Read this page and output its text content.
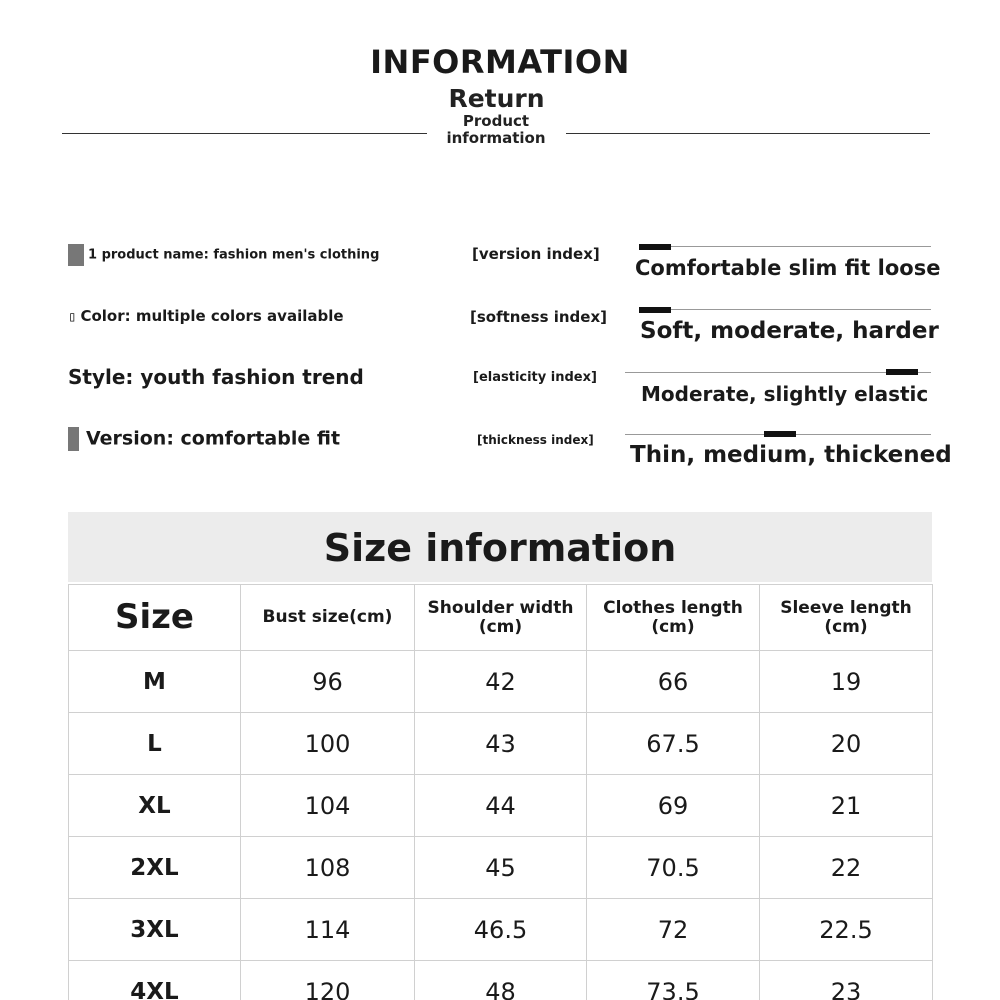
INFORMATION
Return
Product information
1 product name: fashion men's clothing
▯ Color: multiple colors available
Style: youth fashion trend
Version: comfortable fit
[version index]
[softness index]
[elasticity index]
[thickness index]
Comfortable slim fit loose
Soft, moderate, harder
Moderate, slightly elastic
Thin, medium, thickened
Size information
Size	Bust size(cm)	Shoulder width (cm)	Clothes length (cm)	Sleeve length (cm)
M	96	42	66	19
L	100	43	67.5	20
XL	104	44	69	21
2XL	108	45	70.5	22
3XL	114	46.5	72	22.5
4XL	120	48	73.5	23
